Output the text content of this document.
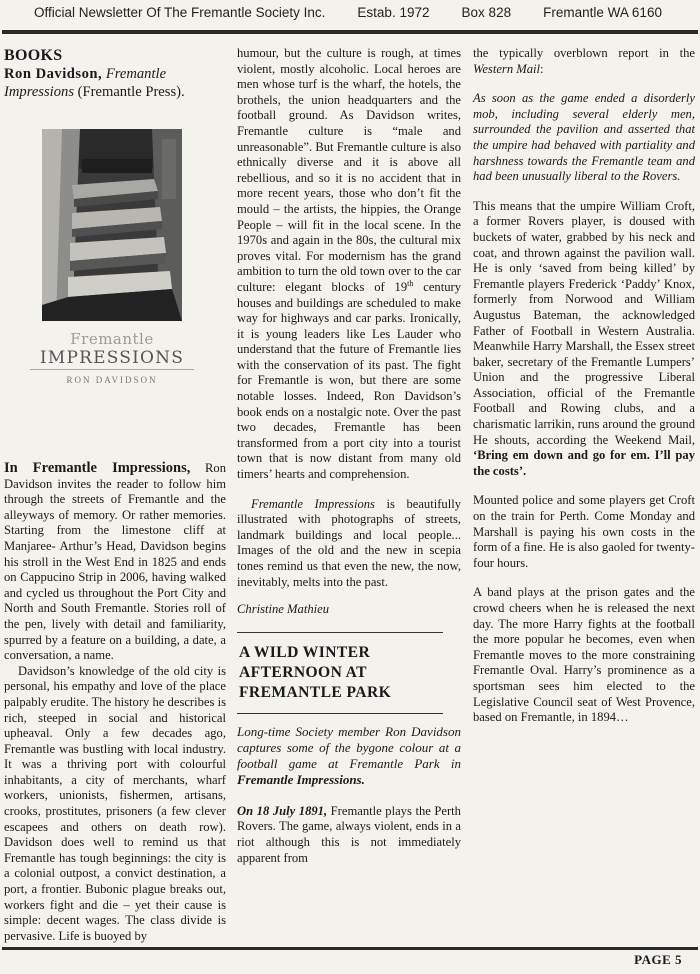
Official Newsletter Of The Fremantle Society Inc. Estab. 1972 Box 828 Fremantle WA 6160
BOOKS

Ron Davidson, Fremantle Impressions (Fremantle Press).

Fremantle
IMPRESSIONS
RON DAVIDSON

In Fremantle Impressions, Ron Davidson invites the reader to follow him through the streets of Fremantle and the alleyways of memory. Or rather memories. Starting from the limestone cliff at Manjaree- Arthur’s Head, Davidson begins his stroll in the West End in 1825 and ends on Cappucino Strip in 2006, having walked and cycled us throughout the Port City and North and South Fremantle. Stories roll of the pen, lively with detail and familiarity, spurred by a feature on a building, a date, a conversation, a name.

Davidson’s knowledge of the old city is personal, his empathy and love of the place palpably erudite. The history he describes is rich, steeped in social and historical upheaval. Only a few decades ago, Fremantle was bustling with local industry. It was a thriving port with colourful inhabitants, a city of merchants, wharf workers, unionists, fishermen, artisans, crooks, prostitutes, prisoners (a few clever escapees and others on death row). Davidson does well to remind us that Fremantle has tough beginnings: the city is a colonial outpost, a convict destination, a port, a frontier. Bubonic plague breaks out, workers fight and die – yet their cause is simple: decent wages. The class divide is pervasive. Life is buoyed by

humour, but the culture is rough, at times violent, mostly alcoholic. Local heroes are men whose turf is the wharf, the hotels, the brothels, the union headquarters and the football ground. As Davidson writes, Fremantle culture is “male and unreasonable”. But Fremantle culture is also ethnically diverse and it is above all rebellious, and so it is no accident that in more recent years, those who don’t fit the mould – the artists, the hippies, the Orange People – will fit in the local scene. In the 1970s and again in the 80s, the cultural mix proves vital. For modernism has the grand ambition to turn the old town over to the car culture: elegant blocks of 19th century houses and buildings are scheduled to make way for highways and car parks. Ironically, it is young leaders like Les Lauder who understand that the future of Fremantle lies with the conservation of its past. The fight for Fremantle is won, but there are some notable losses. Indeed, Ron Davidson’s book ends on a nostalgic note. Over the past two decades, Fremantle has been transformed from a port city into a tourist town that is now distant from many old timers’ hearts and comprehension.

Fremantle Impressions is beautifully illustrated with photographs of streets, landmark buildings and local people... Images of the old and the new in scepia tones remind us that even the new, the now, inevitably, melts into the past.

Christine Mathieu

A WILD WINTER AFTERNOON AT FREMANTLE PARK

Long-time Society member Ron Davidson captures some of the bygone colour at a football game at Fremantle Park in Fremantle Impressions.

On 18 July 1891, Fremantle plays the Perth Rovers. The game, always violent, ends in a riot although this is not immediately apparent from

the typically overblown report in the Western Mail:

As soon as the game ended a disorderly mob, including several elderly men, surrounded the pavilion and asserted that the umpire had behaved with partiality and harshness towards the Fremantle team and had been unusually liberal to the Rovers.

This means that the umpire William Croft, a former Rovers player, is doused with buckets of water, grabbed by his neck and coat, and thrown against the pavilion wall. He is only ‘saved from being killed’ by Fremantle players Frederick ‘Paddy’ Knox, formerly from Norwood and William Augustus Bateman, the acknowledged Father of Football in Western Australia. Meanwhile Harry Marshall, the Essex street baker, secretary of the Fremantle Lumpers’ Union and the progressive Liberal Association, official of the Fremantle Football and Rowing clubs, and a charismatic larrikin, runs around the ground He shouts, according the Weekend Mail, ‘Bring em down and go for em. I’ll pay the costs’.

Mounted police and some players get Croft on the train for Perth. Come Monday and Marshall is paying his own costs in the form of a fine. He is also gaoled for twenty-four hours.

A band plays at the prison gates and the crowd cheers when he is released the next day. The more Harry fights at the football the more popular he becomes, even when Fremantle moves to the more constraining Fremantle Oval. Harry’s prominence as a sportsman sees him elected to the Legislative Council seat of West Provence, based on Fremantle, in 1894…

PAGE 5
